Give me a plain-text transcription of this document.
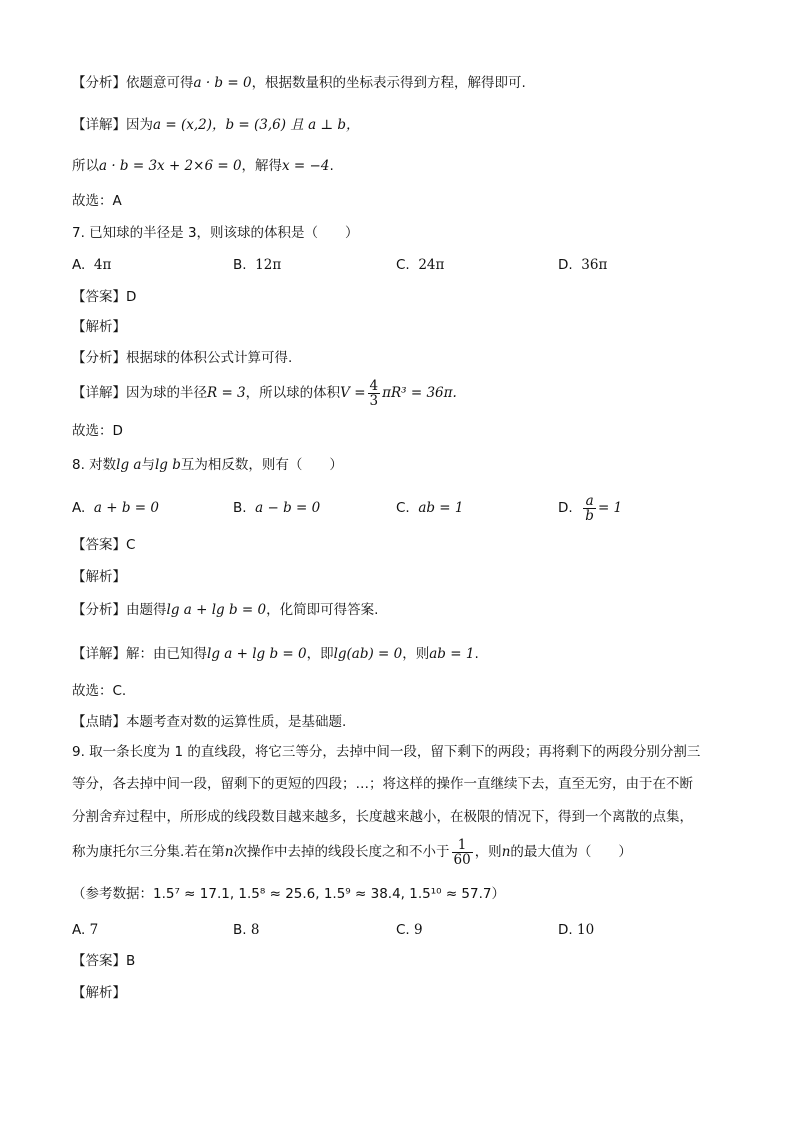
【分析】依题意可得a · b = 0，根据数量积的坐标表示得到方程，解得即可.
【详解】因为a = (x,2)，b = (3,6) 且 a ⊥ b，
所以a · b = 3x + 2×6 = 0，解得x = −4.
故选：A
7. 已知球的半径是 3，则该球的体积是（　　）
A. 4π	B. 12π	C. 24π	D. 36π
【答案】D
【解析】
【分析】根据球的体积公式计算可得.
【详解】因为球的半径R = 3，所以球的体积$V = \frac{4}{3} \pi R^3 = 36\pi$.
故选：D
8. 对数lg a与lg b互为相反数，则有（　　）
A. a + b = 0	B. a − b = 0	C. ab = 1	D. $\frac{a}{b} = 1$
【答案】C
【解析】
【分析】由题得lg a + lg b = 0，化简即可得答案.
【详解】解：由已知得lg a + lg b = 0，即lg(ab) = 0，则ab = 1.
故选：C.
【点睛】本题考查对数的运算性质，是基础题.
9. 取一条长度为 1 的直线段，将它三等分，去掉中间一段，留下剩下的两段；再将剩下的两段分别分割三
等分，各去掉中间一段，留剩下的更短的四段；…；将这样的操作一直继续下去，直至无穷，由于在不断
分割舍弃过程中，所形成的线段数目越来越多，长度越来越小，在极限的情况下，得到一个离散的点集，
称为康托尔三分集.若在第n次操作中去掉的线段长度之和不小于 $\frac{1}{60}$ ，则n的最大值为（　　）
（参考数据：1.5⁷ ≈ 17.1, 1.5⁸ ≈ 25.6, 1.5⁹ ≈ 38.4, 1.5¹⁰ ≈ 57.7）
A. 7	B. 8	C. 9	D. 10
【答案】B
【解析】
